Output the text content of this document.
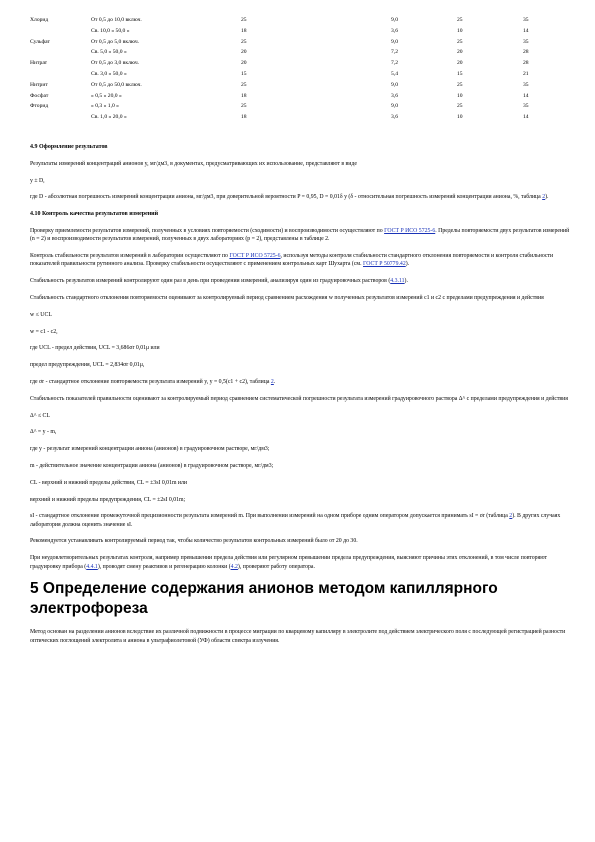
Хлорид	От 0,5 до 10,0 включ.	25	9,0	25	35
	Св. 10,0 » 50,0 »	18	3,6	10	14
Сульфат	От 0,5 до 5,0 включ.	25	9,0	25	35
	Св. 5,0 » 50,0 »	20	7,2	20	28
Нитрат	От 0,5 до 3,0 включ.	20	7,2	20	28
	Св. 3,0 » 50,0 »	15	5,4	15	21
Нитрит	От 0,5 до 50,0 включ.	25	9,0	25	35
Фосфат	» 0,5 » 20,0 »	18	3,6	10	14
Фторид	» 0,3 » 1,0 »	25	9,0	25	35
	Св. 1,0 » 20,0 »	18	3,6	10	14
4.9 Оформление результатов

Результаты измерений концентраций анионов y, мг/дм3, в документах, предусматривающих их использование, представляют в виде

y ± D,

где D - абсолютная погрешность измерений концентрации аниона, мг/дм3, при доверительной вероятности P = 0,95, D = 0,01δ y (δ - относительная погрешность измерений концентрации аниона, %, таблица 2).

4.10 Контроль качества результатов измерений

Проверку приемлемости результатов измерений, полученных в условиях повторяемости (сходимости) и воспроизводимости осуществляют по ГОСТ Р ИСО 5725-6. Пределы повторяемости двух результатов измерений (n = 2) и воспроизводимости результатов измерений, полученных в двух лабораториях (p = 2), представлены в таблице 2.

Контроль стабильности результатов измерений в лаборатории осуществляют по ГОСТ Р ИСО 5725-6, используя методы контроля стабильности стандартного отклонения повторяемости и контроля стабильности показателей правильности рутинного анализа. Проверку стабильности осуществляют с применением контрольных карт Шухарта (см. ГОСТ Р 50779.42).

Стабильность результатов измерений контролируют один раз в день при проведении измерений, анализируя один из градуировочных растворов (4.3.11).

Стабильность стандартного отклонения повторяемости оценивают за контролируемый период сравнением расхождения w полученных результатов измерений c1 и c2 с пределами предупреждения и действия

w ≤ UCL

w = c1 - c2,

где UCL - предел действия, UCL = 3,686σr 0,01μ или

предел предупреждения, UCL = 2,834σr 0,01μ,

где σr - стандартное отклонение повторяемости результата измерений y, y = 0,5(c1 + c2), таблица 2.

Стабильность показателей правильности оценивают за контролируемый период сравнением систематической погрешности результата измерений градуировочного раствора Δ^ с пределами предупреждения и действия

Δ^ ≤ CL

Δ^ = y - m,

где y - результат измерений концентрации аниона (анионов) в градуировочном растворе, мг/дм3;

m - действительное значение концентрации аниона (анионов) в градуировочном растворе, мг/дм3;

CL - верхний и нижний пределы действия, CL = ±3sI 0,01m или

верхний и нижний пределы предупреждения, CL = ±2sI 0,01m;

sI - стандартное отклонение промежуточной прецизионности результата измерений m. При выполнении измерений на одном приборе одним оператором допускается принимать sI = σr (таблица 2). В других случаях лаборатория должна оценить значение sI.

Рекомендуется устанавливать контролируемый период так, чтобы количество результатов контрольных измерений было от 20 до 30.

При неудовлетворительных результатах контроля, например превышении предела действия или регулярном превышении предела предупреждения, выясняют причины этих отклонений, в том числе повторяют градуировку прибора (4.4.1), проводят смену реактивов и регенерацию колонки (4.2), проверяют работу оператора.

5 Определение содержания анионов методом капиллярного электрофореза

Метод основан на разделении анионов вследствие их различной подвижности в процессе миграции по кварцевому капилляру в электролите под действием электрического поля с последующей регистрацией разности оптических поглощений электролита и аниона в ультрафиолетовой (УФ) области спектра излучения.
